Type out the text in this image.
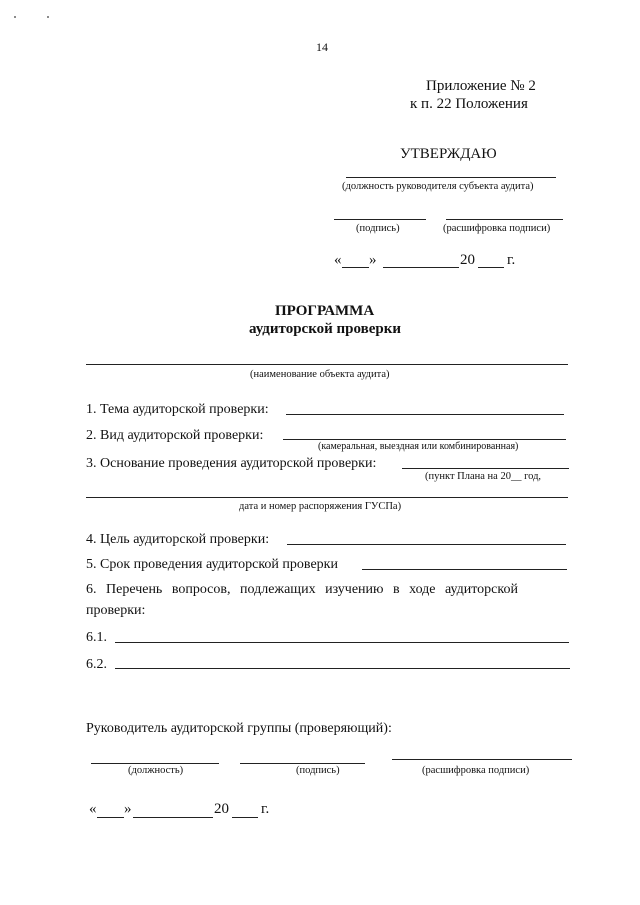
14
Приложение № 2
к п. 22 Положения
УТВЕРЖДАЮ
(должность руководителя субъекта аудита)
(подпись)	(расшифровка подписи)
« »	20 г.
ПРОГРАММА
аудиторской проверки
(наименование объекта аудита)
1. Тема аудиторской проверки:
2. Вид аудиторской проверки:
(камеральная, выездная или комбинированная)
3. Основание проведения аудиторской проверки:
(пункт Плана на 20__ год,
дата и номер распоряжения ГУСПа)
4. Цель аудиторской проверки:
5. Срок проведения аудиторской проверки
6. Перечень вопросов, подлежащих изучению в ходе аудиторской
проверки:
6.1.
6.2.
Руководитель аудиторской группы (проверяющий):
(должность)	(подпись)	(расшифровка подписи)
« »	20 г.
